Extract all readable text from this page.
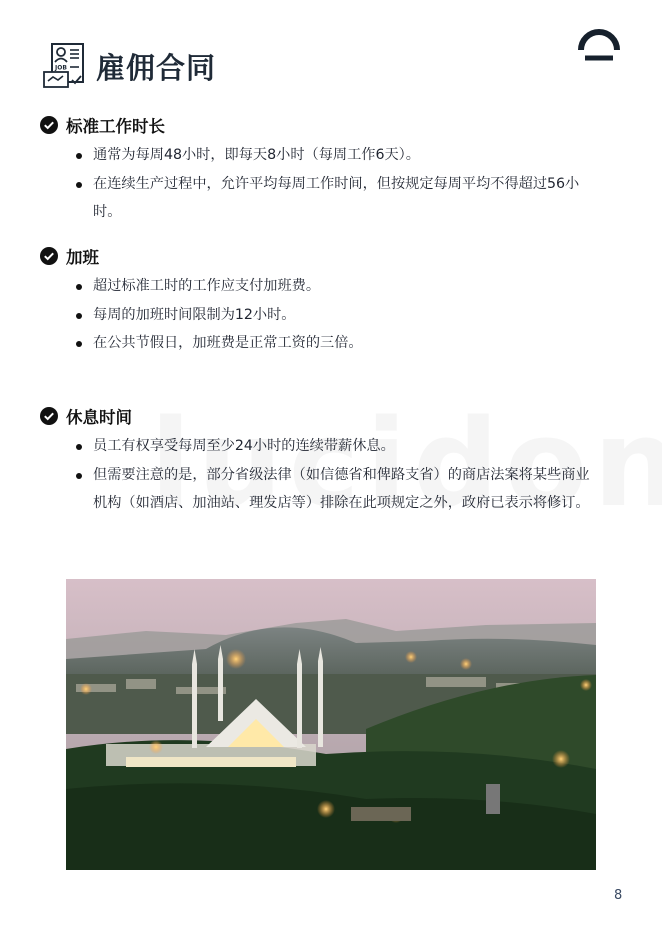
JOB 雇佣合同
标准工作时长
通常为每周48小时，即每天8小时（每周工作6天）。
在连续生产过程中，允许平均每周工作时间，但按规定每周平均不得超过56小时。
加班
超过标准工时的工作应支付加班费。
每周的加班时间限制为12小时。
在公共节假日，加班费是正常工资的三倍。
休息时间
员工有权享受每周至少24小时的连续带薪休息。
但需要注意的是，部分省级法律（如信德省和俾路支省）的商店法案将某些商业机构（如酒店、加油站、理发店等）排除在此项规定之外，政府已表示将修订。
8
